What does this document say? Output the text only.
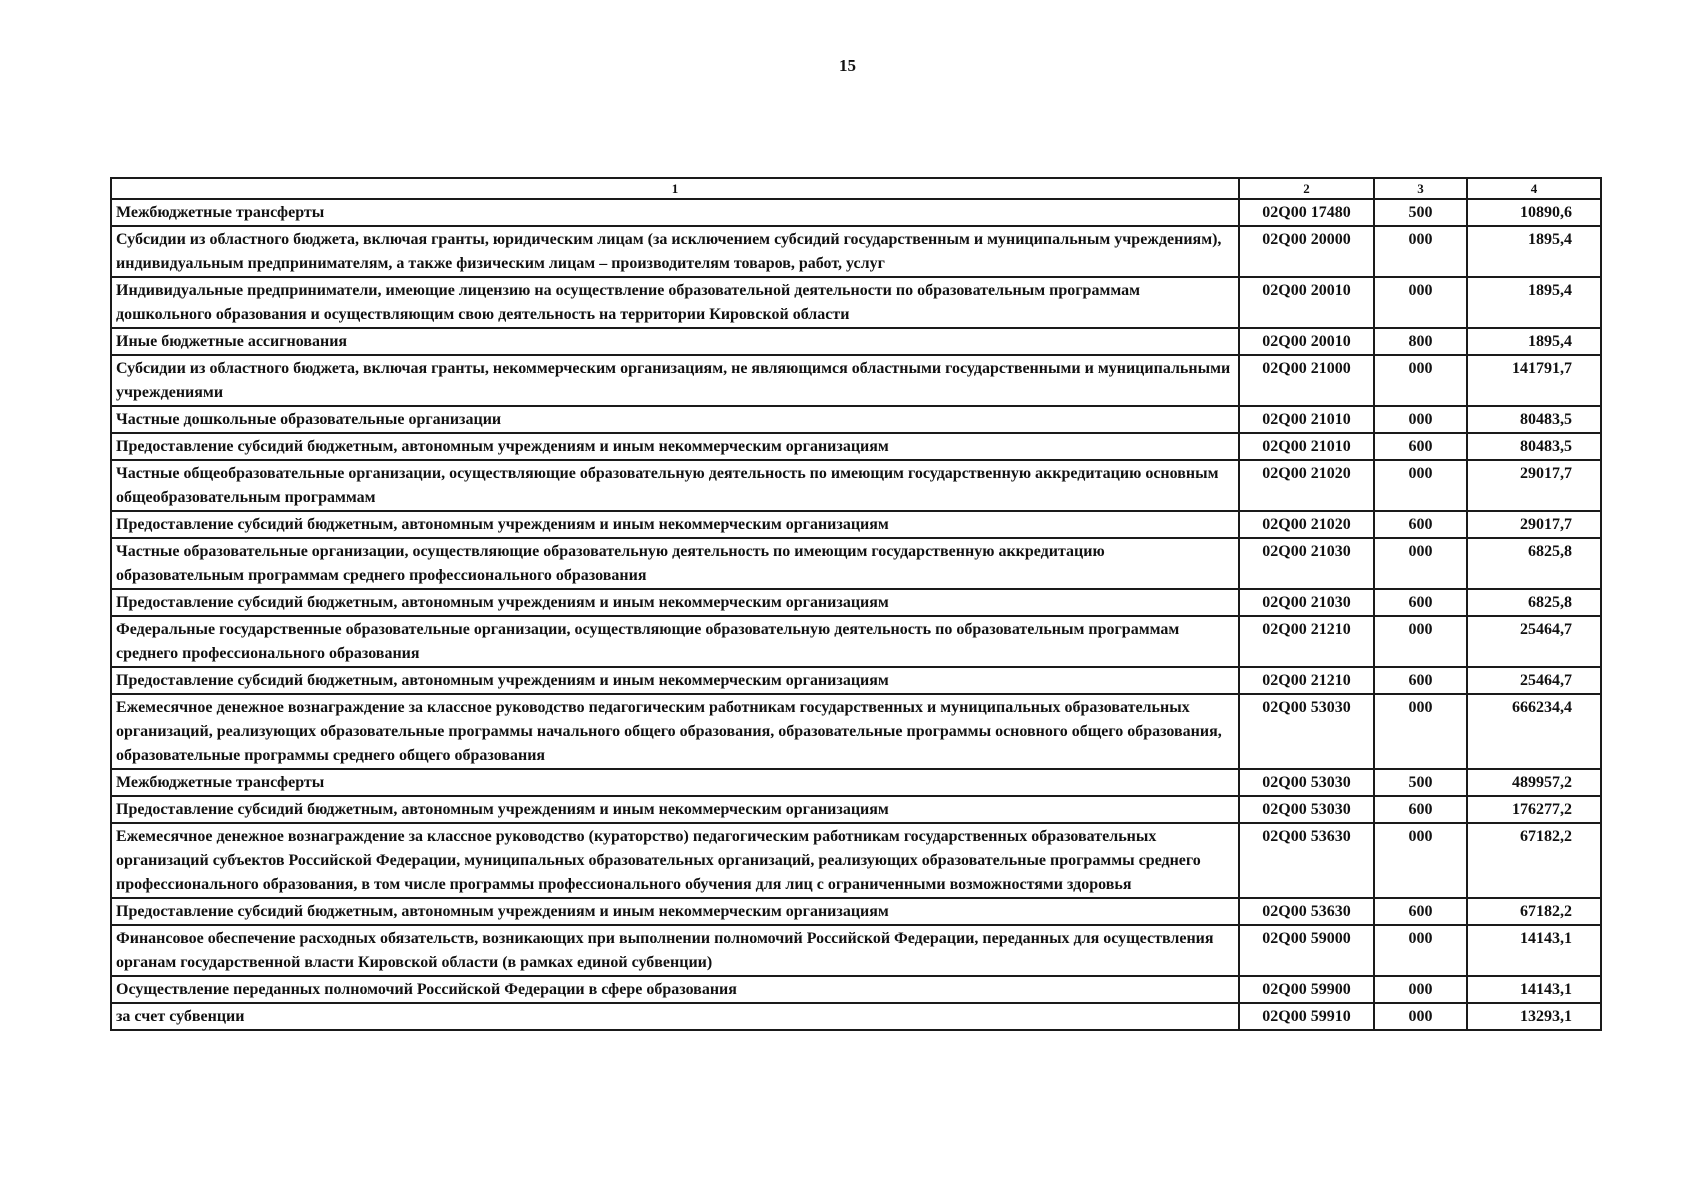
15
1	2	3	4
Межбюджетные трансферты	02Q00 17480	500	10890,6
Субсидии из областного бюджета, включая гранты, юридическим лицам (за исключением субсидий государственным и муниципальным учреждениям), индивидуальным предпринимателям, а также физическим лицам – производителям товаров, работ, услуг	02Q00 20000	000	1895,4
Индивидуальные предприниматели, имеющие лицензию на осуществление образовательной деятельности по образовательным программам дошкольного образования и осуществляющим свою деятельность на территории Кировской области	02Q00 20010	000	1895,4
Иные бюджетные ассигнования	02Q00 20010	800	1895,4
Субсидии из областного бюджета, включая гранты, некоммерческим организациям, не являющимся областными государственными и муниципальными учреждениями	02Q00 21000	000	141791,7
Частные дошкольные образовательные организации	02Q00 21010	000	80483,5
Предоставление субсидий бюджетным, автономным учреждениям и иным некоммерческим организациям	02Q00 21010	600	80483,5
Частные общеобразовательные организации, осуществляющие образовательную деятельность по имеющим государственную аккредитацию основным общеобразовательным программам	02Q00 21020	000	29017,7
Предоставление субсидий бюджетным, автономным учреждениям и иным некоммерческим организациям	02Q00 21020	600	29017,7
Частные образовательные организации, осуществляющие образовательную деятельность по имеющим государственную аккредитацию образовательным программам среднего профессионального образования	02Q00 21030	000	6825,8
Предоставление субсидий бюджетным, автономным учреждениям и иным некоммерческим организациям	02Q00 21030	600	6825,8
Федеральные государственные образовательные организации, осуществляющие образовательную деятельность по образовательным программам среднего профессионального образования	02Q00 21210	000	25464,7
Предоставление субсидий бюджетным, автономным учреждениям и иным некоммерческим организациям	02Q00 21210	600	25464,7
Ежемесячное денежное вознаграждение за классное руководство педагогическим работникам государственных и муниципальных образовательных организаций, реализующих образовательные программы начального общего образования, образовательные программы основного общего образования, образовательные программы среднего общего образования	02Q00 53030	000	666234,4
Межбюджетные трансферты	02Q00 53030	500	489957,2
Предоставление субсидий бюджетным, автономным учреждениям и иным некоммерческим организациям	02Q00 53030	600	176277,2
Ежемесячное денежное вознаграждение за классное руководство (кураторство) педагогическим работникам государственных образовательных организаций субъектов Российской Федерации, муниципальных образовательных организаций, реализующих образовательные программы среднего профессионального образования, в том числе программы профессионального обучения для лиц с ограниченными возможностями здоровья	02Q00 53630	000	67182,2
Предоставление субсидий бюджетным, автономным учреждениям и иным некоммерческим организациям	02Q00 53630	600	67182,2
Финансовое обеспечение расходных обязательств, возникающих при выполнении полномочий Российской Федерации, переданных для осуществления органам государственной власти Кировской области (в рамках единой субвенции)	02Q00 59000	000	14143,1
Осуществление переданных полномочий Российской Федерации в сфере образования	02Q00 59900	000	14143,1
за счет субвенции	02Q00 59910	000	13293,1
